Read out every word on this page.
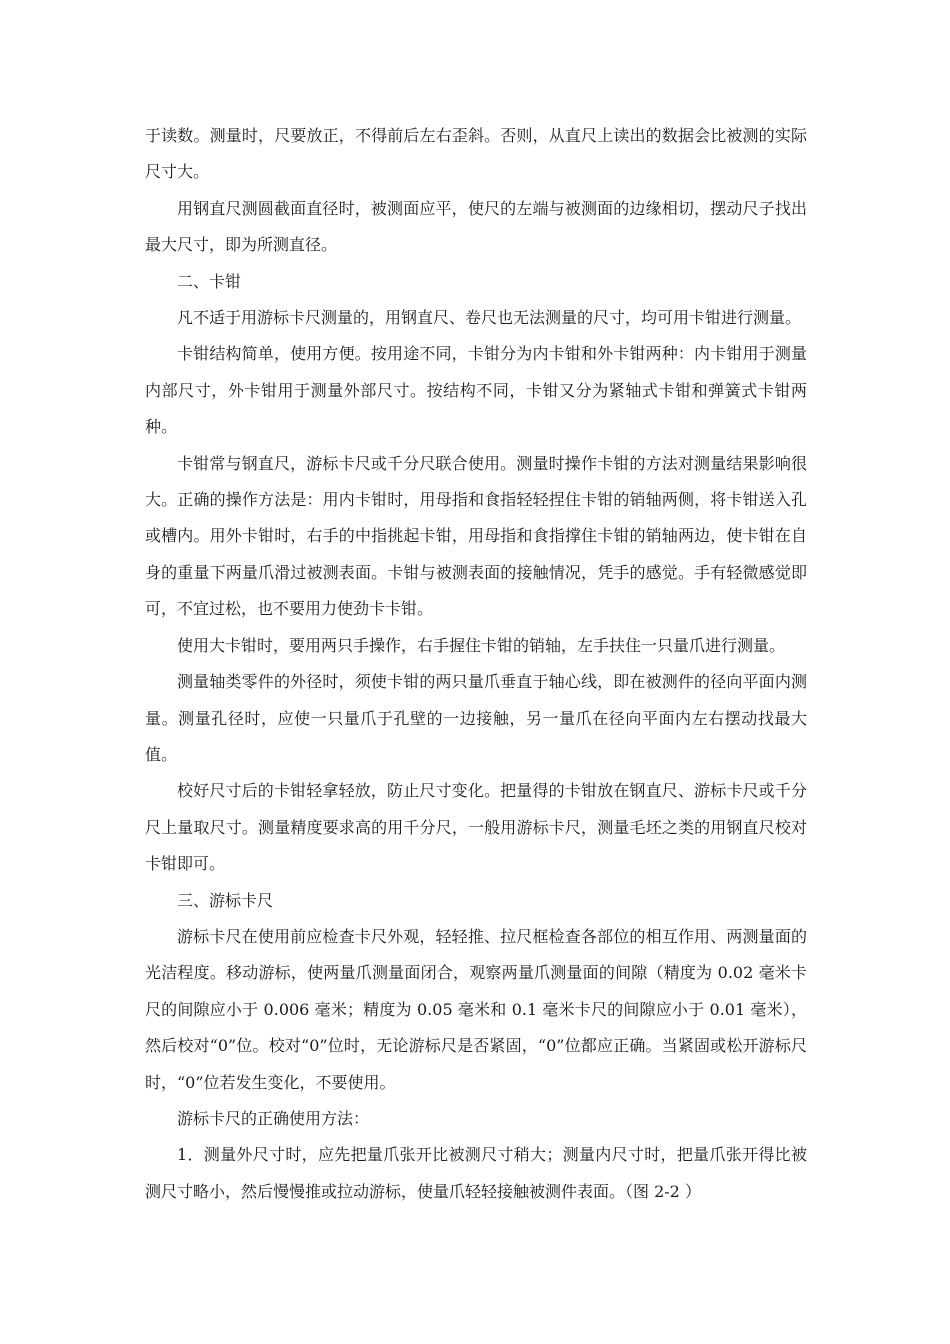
于读数。测量时，尺要放正，不得前后左右歪斜。否则，从直尺上读出的数据会比被测的实际尺寸大。

用钢直尺测圆截面直径时，被测面应平，使尺的左端与被测面的边缘相切，摆动尺子找出最大尺寸，即为所测直径。

二、卡钳

凡不适于用游标卡尺测量的，用钢直尺、卷尺也无法测量的尺寸，均可用卡钳进行测量。

卡钳结构简单，使用方便。按用途不同，卡钳分为内卡钳和外卡钳两种：内卡钳用于测量内部尺寸，外卡钳用于测量外部尺寸。按结构不同，卡钳又分为紧轴式卡钳和弹簧式卡钳两种。

卡钳常与钢直尺，游标卡尺或千分尺联合使用。测量时操作卡钳的方法对测量结果影响很大。正确的操作方法是：用内卡钳时，用母指和食指轻轻捏住卡钳的销轴两侧，将卡钳送入孔或槽内。用外卡钳时，右手的中指挑起卡钳，用母指和食指撑住卡钳的销轴两边，使卡钳在自身的重量下两量爪滑过被测表面。卡钳与被测表面的接触情况，凭手的感觉。手有轻微感觉即可，不宜过松，也不要用力使劲卡卡钳。

使用大卡钳时，要用两只手操作，右手握住卡钳的销轴，左手扶住一只量爪进行测量。

测量轴类零件的外径时，须使卡钳的两只量爪垂直于轴心线，即在被测件的径向平面内测量。测量孔径时，应使一只量爪于孔壁的一边接触，另一量爪在径向平面内左右摆动找最大值。

校好尺寸后的卡钳轻拿轻放，防止尺寸变化。把量得的卡钳放在钢直尺、游标卡尺或千分尺上量取尺寸。测量精度要求高的用千分尺，一般用游标卡尺，测量毛坯之类的用钢直尺校对卡钳即可。

三、游标卡尺

游标卡尺在使用前应检查卡尺外观，轻轻推、拉尺框检查各部位的相互作用、两测量面的光洁程度。移动游标，使两量爪测量面闭合，观察两量爪测量面的间隙（精度为 0.02 毫米卡尺的间隙应小于 0.006 毫米；精度为 0.05 毫米和 0.1 毫米卡尺的间隙应小于 0.01 毫米），然后校对“0”位。校对“0”位时，无论游标尺是否紧固，“0”位都应正确。当紧固或松开游标尺时，“0”位若发生变化，不要使用。

游标卡尺的正确使用方法：

1．测量外尺寸时，应先把量爪张开比被测尺寸稍大；测量内尺寸时，把量爪张开得比被测尺寸略小，然后慢慢推或拉动游标，使量爪轻轻接触被测件表面。（图 2-2 ）
